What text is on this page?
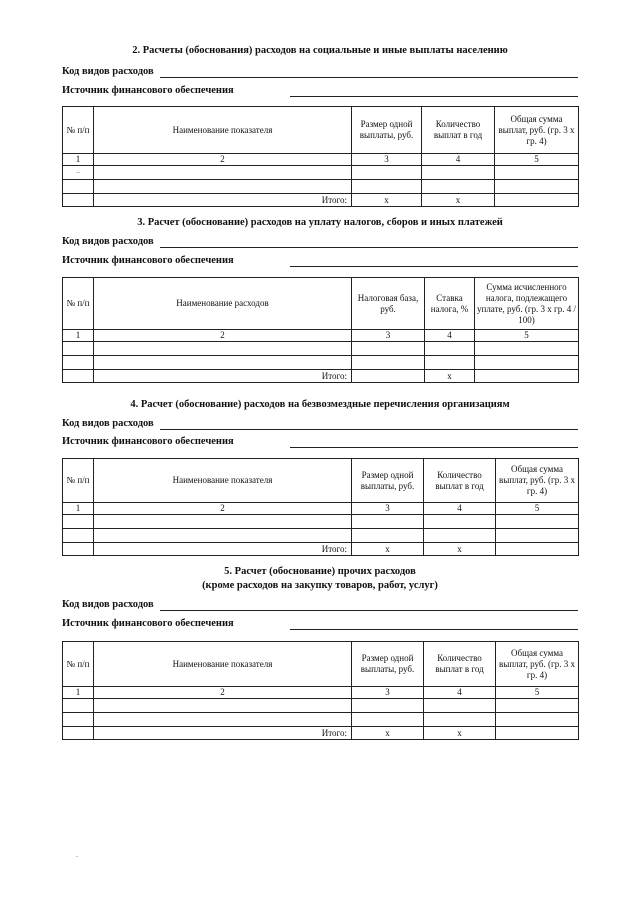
2. Расчеты (обоснования) расходов на социальные и иные выплаты населению
Код видов расходов
Источник финансового обеспечения
№ п/п	Наименование показателя	Размер одной выплаты, руб.	Количество выплат в год	Общая сумма выплат, руб. (гр. 3 х гр. 4)
1	2	3	4	5
–				

	Итого:	х	х	
3. Расчет (обоснование) расходов на уплату налогов, сборов и иных платежей
Код видов расходов
Источник финансового обеспечения
№ п/п	Наименование расходов	Налоговая база, руб.	Ставка налога, %	Сумма исчисленного налога, подлежащего уплате, руб. (гр. 3 х гр. 4 / 100)
1	2	3	4	5

	Итого:		х	
4. Расчет (обоснование) расходов на безвозмездные перечисления организациям
Код видов расходов
Источник финансового обеспечения
№ п/п	Наименование показателя	Размер одной выплаты, руб.	Количество выплат в год	Общая сумма выплат, руб. (гр. 3 х гр. 4)
1	2	3	4	5

	Итого:	х	х	
5. Расчет (обоснование) прочих расходов
(кроме расходов на закупку товаров, работ, услуг)
Код видов расходов
Источник финансового обеспечения
№ п/п	Наименование показателя	Размер одной выплаты, руб.	Количество выплат в год	Общая сумма выплат, руб. (гр. 3 х гр. 4)
1	2	3	4	5

	Итого:	х	х	
.
